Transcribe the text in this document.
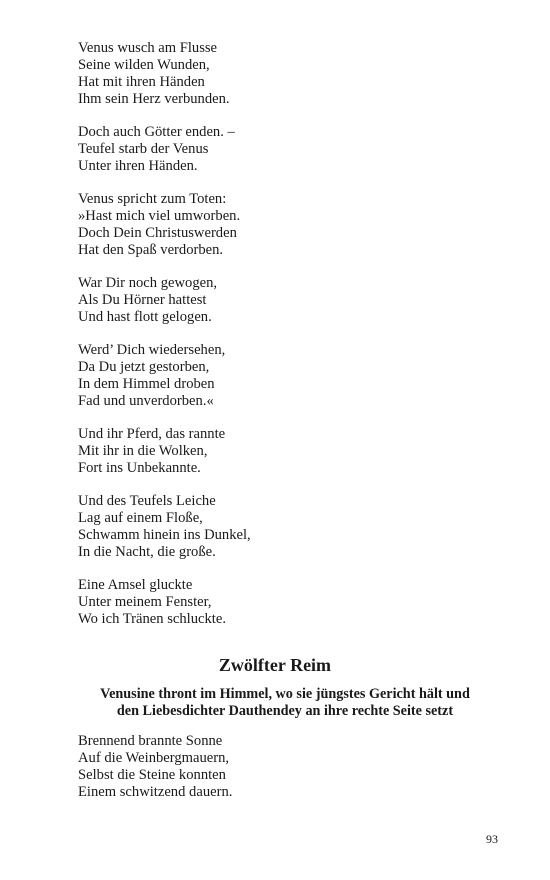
Venus wusch am Flusse
Seine wilden Wunden,
Hat mit ihren Händen
Ihm sein Herz verbunden.
Doch auch Götter enden. –
Teufel starb der Venus
Unter ihren Händen.
Venus spricht zum Toten:
»Hast mich viel umworben.
Doch Dein Christuswerden
Hat den Spaß verdorben.
War Dir noch gewogen,
Als Du Hörner hattest
Und hast flott gelogen.
Werd’ Dich wiedersehen,
Da Du jetzt gestorben,
In dem Himmel droben
Fad und unverdorben.«
Und ihr Pferd, das rannte
Mit ihr in die Wolken,
Fort ins Unbekannte.
Und des Teufels Leiche
Lag auf einem Floße,
Schwamm hinein ins Dunkel,
In die Nacht, die große.
Eine Amsel gluckte
Unter meinem Fenster,
Wo ich Tränen schluckte.
Zwölfter Reim
Venusine thront im Himmel, wo sie jüngstes Gericht hält und
den Liebesdichter Dauthendey an ihre rechte Seite setzt
Brennend brannte Sonne
Auf die Weinbergmauern,
Selbst die Steine konnten
Einem schwitzend dauern.
93
